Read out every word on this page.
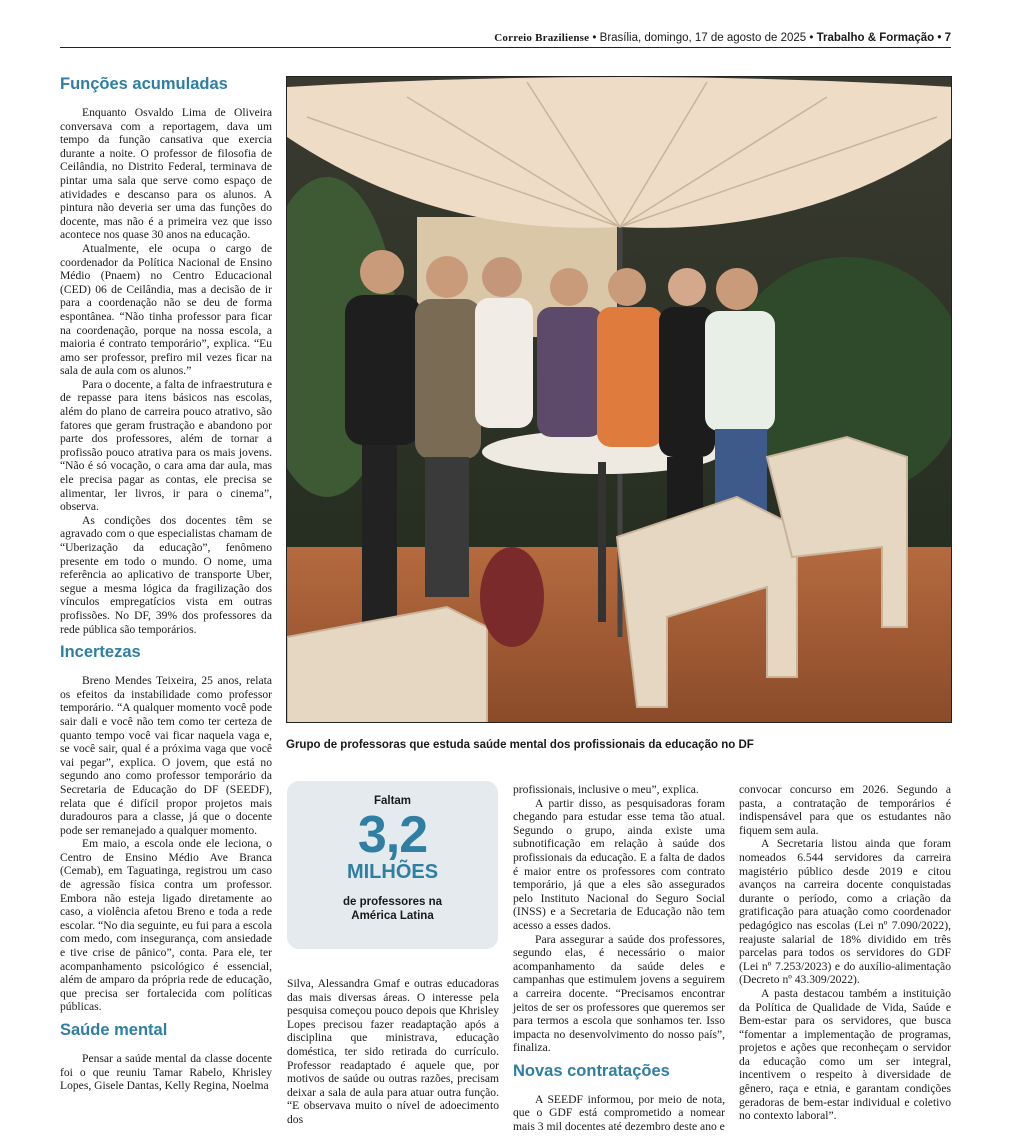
Correio Braziliense • Brasília, domingo, 17 de agosto de 2025 • Trabalho & Formação • 7
Funções acumuladas

Enquanto Osvaldo Lima de Oliveira conversava com a reportagem, dava um tempo da função cansativa que exercia durante a noite. O professor de filosofia de Ceilândia, no Distrito Federal, terminava de pintar uma sala que serve como espaço de atividades e descanso para os alunos. A pintura não deveria ser uma das funções do docente, mas não é a primeira vez que isso acontece nos quase 30 anos na educação.

Atualmente, ele ocupa o cargo de coordenador da Política Nacional de Ensino Médio (Pnaem) no Centro Educacional (CED) 06 de Ceilândia, mas a decisão de ir para a coordenação não se deu de forma espontânea. “Não tinha professor para ficar na coordenação, porque na nossa escola, a maioria é contrato temporário”, explica. “Eu amo ser professor, prefiro mil vezes ficar na sala de aula com os alunos.”

Para o docente, a falta de infraestrutura e de repasse para itens básicos nas escolas, além do plano de carreira pouco atrativo, são fatores que geram frustração e abandono por parte dos professores, além de tornar a profissão pouco atrativa para os mais jovens. “Não é só vocação, o cara ama dar aula, mas ele precisa pagar as contas, ele precisa se alimentar, ler livros, ir para o cinema”, observa.

As condições dos docentes têm se agravado com o que especialistas chamam de “Uberização da educação”, fenômeno presente em todo o mundo. O nome, uma referência ao aplicativo de transporte Uber, segue a mesma lógica da fragilização dos vínculos empregatícios vista em outras profissões. No DF, 39% dos professores da rede pública são temporários.

Incertezas

Breno Mendes Teixeira, 25 anos, relata os efeitos da instabilidade como professor temporário. “A qualquer momento você pode sair dali e você não tem como ter certeza de quanto tempo você vai ficar naquela vaga e, se você sair, qual é a próxima vaga que você vai pegar”, explica. O jovem, que está no segundo ano como professor temporário da Secretaria de Educação do DF (SEEDF), relata que é difícil propor projetos mais duradouros para a classe, já que o docente pode ser remanejado a qualquer momento.

Em maio, a escola onde ele leciona, o Centro de Ensino Médio Ave Branca (Cemab), em Taguatinga, registrou um caso de agressão física contra um professor. Embora não esteja ligado diretamente ao caso, a violência afetou Breno e toda a rede escolar. “No dia seguinte, eu fui para a escola com medo, com insegurança, com ansiedade e tive crise de pânico”, conta. Para ele, ter acompanhamento psicológico é essencial, além de amparo da própria rede de educação, que precisa ser fortalecida com políticas públicas.

Saúde mental

Pensar a saúde mental da classe docente foi o que reuniu Tamar Rabelo, Khrisley Lopes, Gisele Dantas, Kelly Regina, Noelma

Grupo de professoras que estuda saúde mental dos profissionais da educação no DF
Faltam
3,2
MILHÕES
de professores na América Latina

Silva, Alessandra Gmaf e outras educadoras das mais diversas áreas. O interesse pela pesquisa começou pouco depois que Khrisley Lopes precisou fazer readaptação após a disciplina que ministrava, educação doméstica, ter sido retirada do currículo. Professor readaptado é aquele que, por motivos de saúde ou outras razões, precisam deixar a sala de aula para atuar outra função. “E observava muito o nível de adoecimento dos

profissionais, inclusive o meu”, explica.

A partir disso, as pesquisadoras foram chegando para estudar esse tema tão atual. Segundo o grupo, ainda existe uma subnotificação em relação à saúde dos profissionais da educação. E a falta de dados é maior entre os professores com contrato temporário, já que a eles são assegurados pelo Instituto Nacional do Seguro Social (INSS) e a Secretaria de Educação não tem acesso a esses dados.

Para assegurar a saúde dos professores, segundo elas, é necessário o maior acompanhamento da saúde deles e campanhas que estimulem jovens a seguirem a carreira docente. “Precisamos encontrar jeitos de ser os professores que queremos ser para termos a escola que sonhamos ter. Isso impacta no desenvolvimento do nosso país”, finaliza.

Novas contratações

A SEEDF informou, por meio de nota, que o GDF está comprometido a nomear mais 3 mil docentes até dezembro deste ano e

convocar concurso em 2026. Segundo a pasta, a contratação de temporários é indispensável para que os estudantes não fiquem sem aula.

A Secretaria listou ainda que foram nomeados 6.544 servidores da carreira magistério público desde 2019 e citou avanços na carreira docente conquistadas durante o período, como a criação da gratificação para atuação como coordenador pedagógico nas escolas (Lei nº 7.090/2022), reajuste salarial de 18% dividido em três parcelas para todos os servidores do GDF (Lei nº 7.253/2023) e do auxílio-alimentação (Decreto nº 43.309/2022).

A pasta destacou também a instituição da Política de Qualidade de Vida, Saúde e Bem-estar para os servidores, que busca “fomentar a implementação de programas, projetos e ações que reconheçam o servidor da educação como um ser integral, incentivem o respeito à diversidade de gênero, raça e etnia, e garantam condições geradoras de bem-estar individual e coletivo no contexto laboral”.
